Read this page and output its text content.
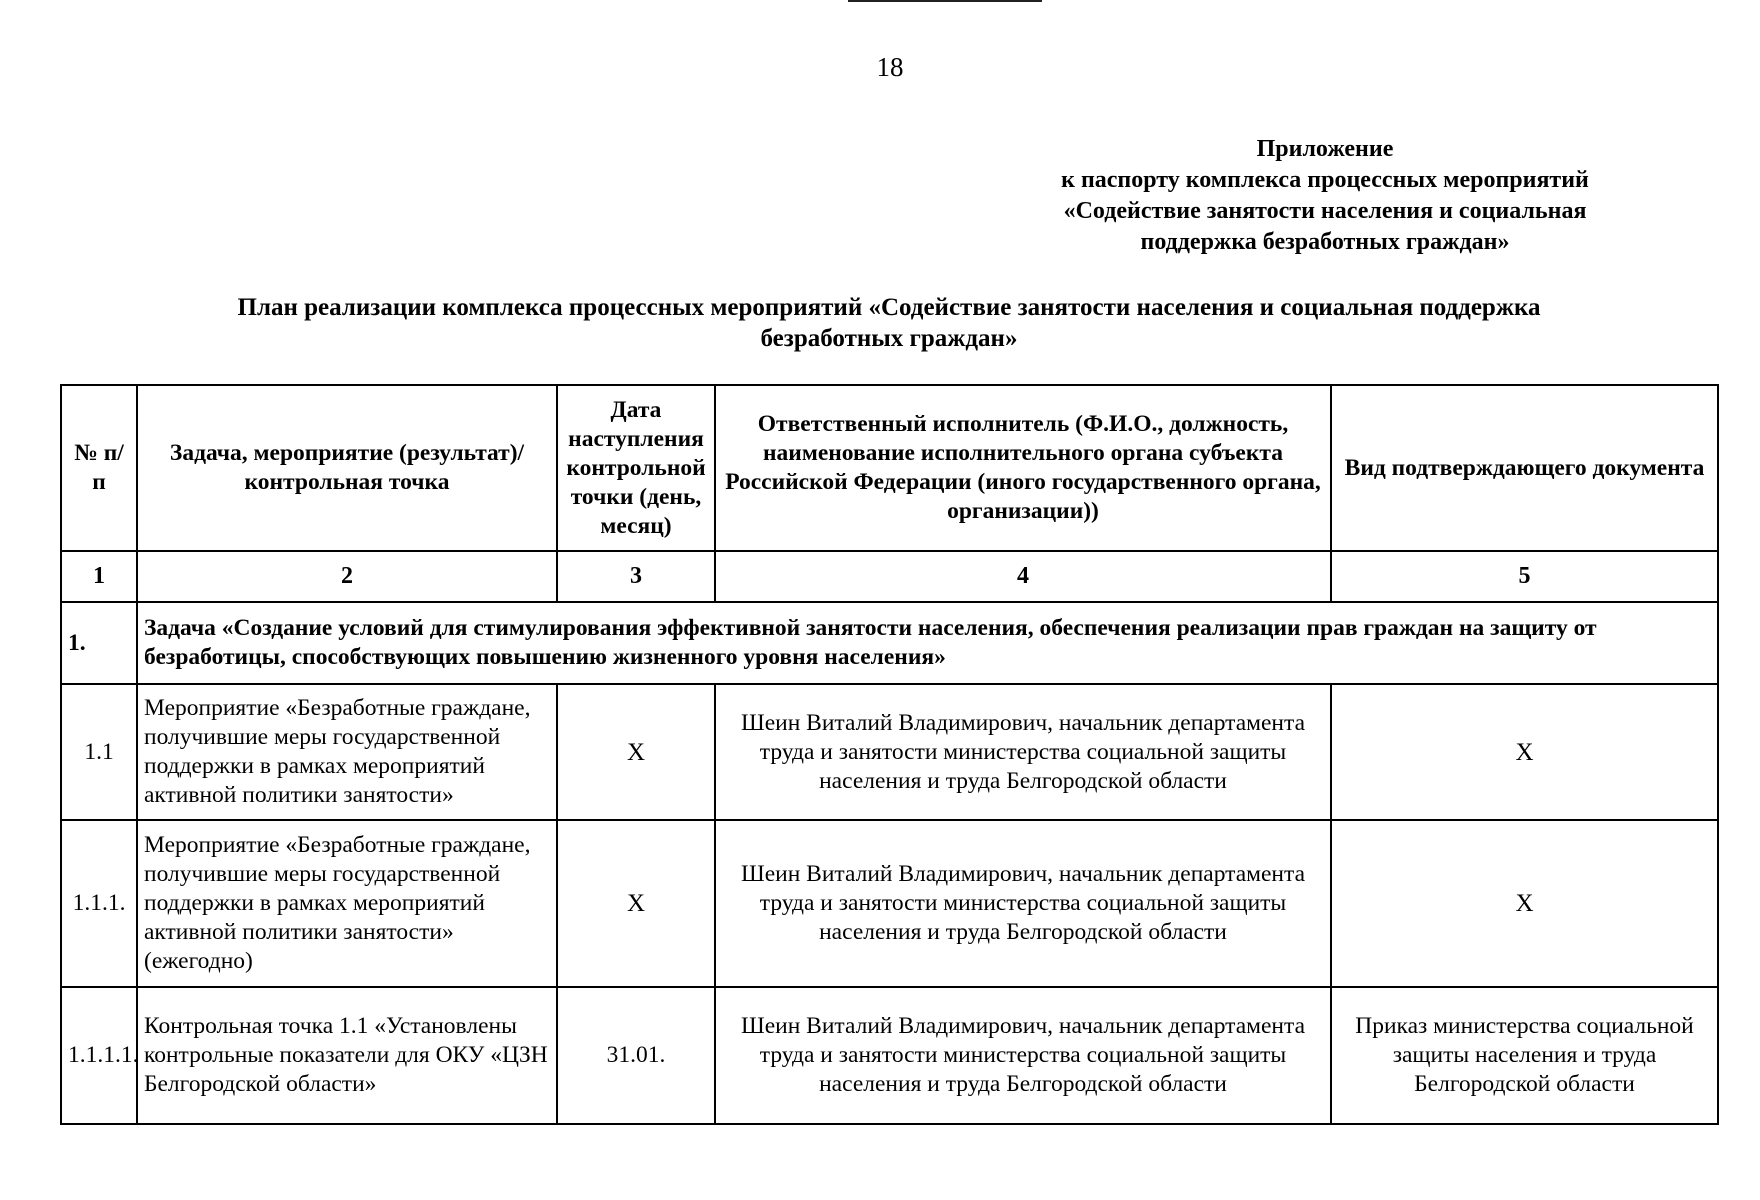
18
Приложение
к паспорту комплекса процессных мероприятий
«Содействие занятости населения и социальная
поддержка безработных граждан»
План реализации комплекса процессных мероприятий «Содействие занятости населения и социальная поддержка
безработных граждан»
№ п/п	Задача, мероприятие (результат)/ контрольная точка	Дата наступления контрольной точки (день, месяц)	Ответственный исполнитель (Ф.И.О., должность, наименование исполнительного органа субъекта Российской Федерации (иного государственного органа, организации))	Вид подтверждающего документа
1	2	3	4	5
1.	Задача «Создание условий для стимулирования эффективной занятости населения, обеспечения реализации прав граждан на защиту от безработицы, способствующих повышению жизненного уровня населения»			
1.1	Мероприятие «Безработные граждане, получившие меры государственной поддержки в рамках мероприятий активной политики занятости»	X	Шеин Виталий Владимирович, начальник департамента труда и занятости министерства социальной защиты населения и труда Белгородской области	X
1.1.1.	Мероприятие «Безработные граждане, получившие меры государственной поддержки в рамках мероприятий активной политики занятости» (ежегодно)	X	Шеин Виталий Владимирович, начальник департамента труда и занятости министерства социальной защиты населения и труда Белгородской области	X
1.1.1.1.	Контрольная точка 1.1 «Установлены контрольные показатели для ОКУ «ЦЗН Белгородской области»	31.01.	Шеин Виталий Владимирович, начальник департамента труда и занятости министерства социальной защиты населения и труда Белгородской области	Приказ министерства социальной защиты населения и труда Белгородской области
